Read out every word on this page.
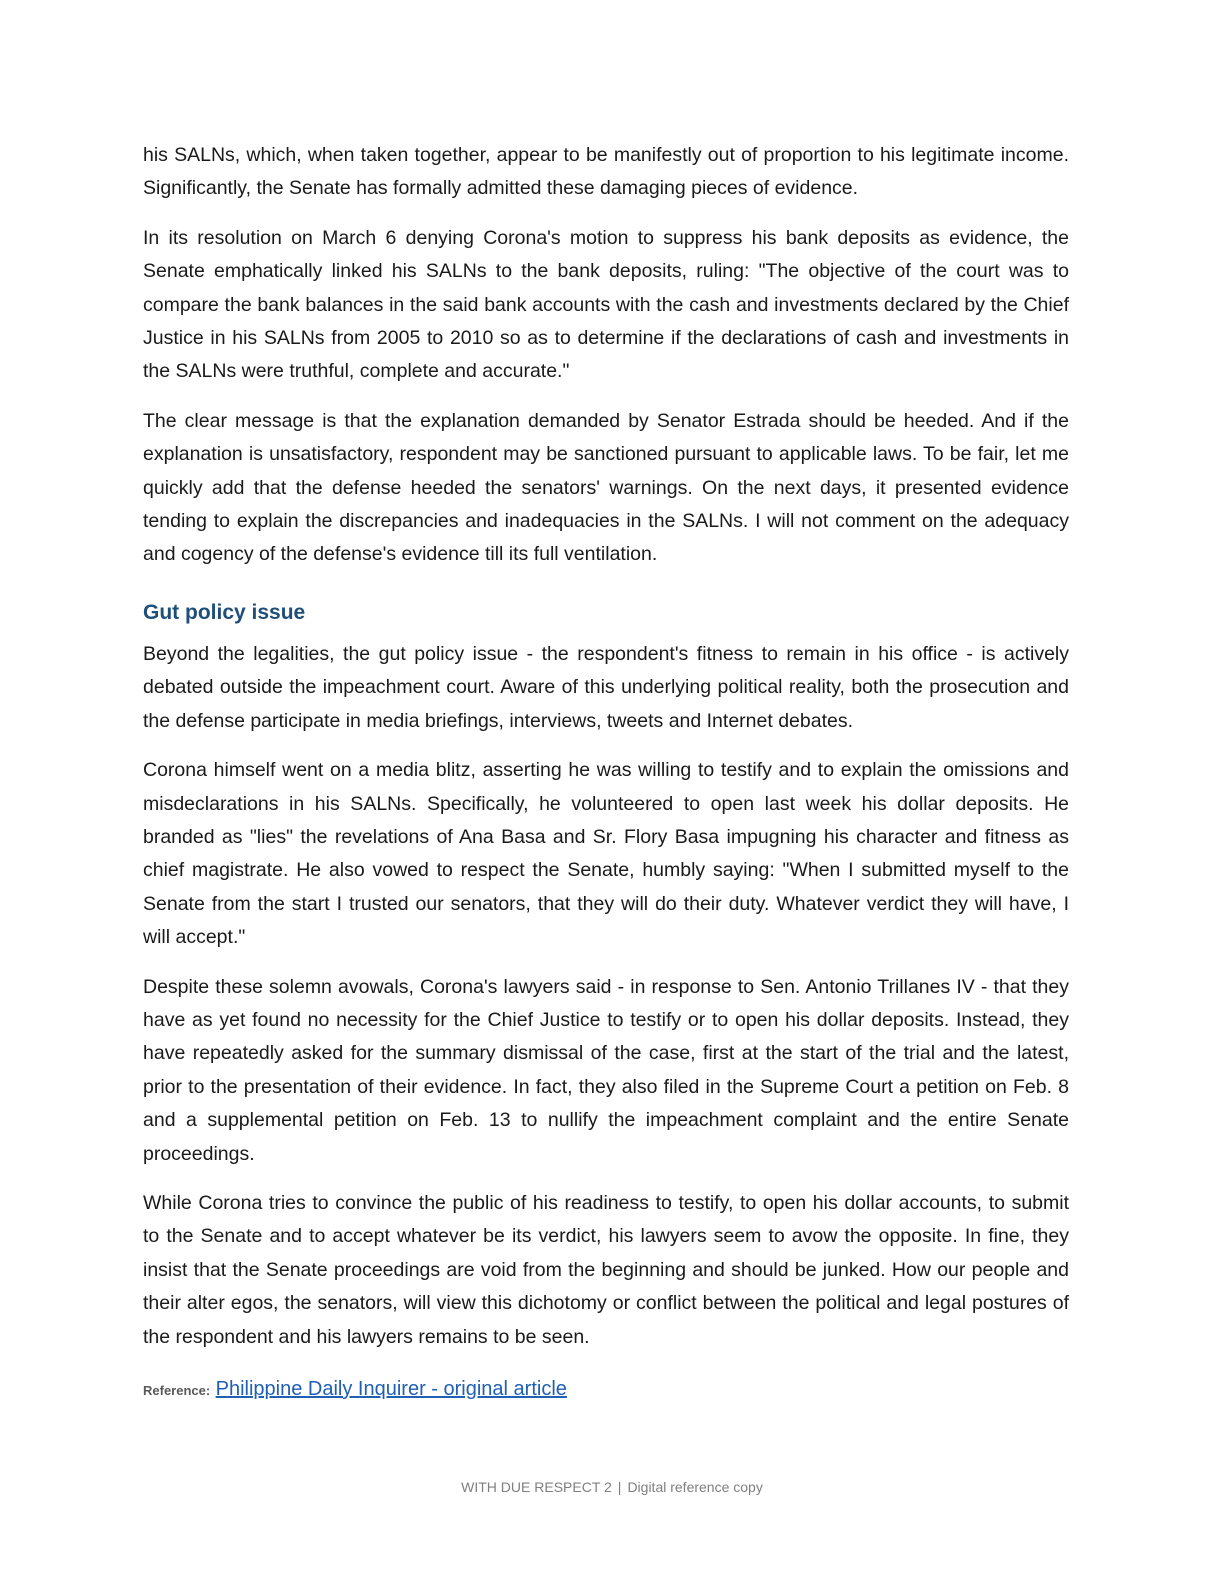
his SALNs, which, when taken together, appear to be manifestly out of proportion to his legitimate income. Significantly, the Senate has formally admitted these damaging pieces of evidence.

In its resolution on March 6 denying Corona's motion to suppress his bank deposits as evidence, the Senate emphatically linked his SALNs to the bank deposits, ruling: "The objective of the court was to compare the bank balances in the said bank accounts with the cash and investments declared by the Chief Justice in his SALNs from 2005 to 2010 so as to determine if the declarations of cash and investments in the SALNs were truthful, complete and accurate."

The clear message is that the explanation demanded by Senator Estrada should be heeded. And if the explanation is unsatisfactory, respondent may be sanctioned pursuant to applicable laws. To be fair, let me quickly add that the defense heeded the senators' warnings. On the next days, it presented evidence tending to explain the discrepancies and inadequacies in the SALNs. I will not comment on the adequacy and cogency of the defense's evidence till its full ventilation.

Gut policy issue

Beyond the legalities, the gut policy issue - the respondent's fitness to remain in his office - is actively debated outside the impeachment court. Aware of this underlying political reality, both the prosecution and the defense participate in media briefings, interviews, tweets and Internet debates.

Corona himself went on a media blitz, asserting he was willing to testify and to explain the omissions and misdeclarations in his SALNs. Specifically, he volunteered to open last week his dollar deposits. He branded as "lies" the revelations of Ana Basa and Sr. Flory Basa impugning his character and fitness as chief magistrate. He also vowed to respect the Senate, humbly saying: "When I submitted myself to the Senate from the start I trusted our senators, that they will do their duty. Whatever verdict they will have, I will accept."

Despite these solemn avowals, Corona's lawyers said - in response to Sen. Antonio Trillanes IV - that they have as yet found no necessity for the Chief Justice to testify or to open his dollar deposits. Instead, they have repeatedly asked for the summary dismissal of the case, first at the start of the trial and the latest, prior to the presentation of their evidence. In fact, they also filed in the Supreme Court a petition on Feb. 8 and a supplemental petition on Feb. 13 to nullify the impeachment complaint and the entire Senate proceedings.

While Corona tries to convince the public of his readiness to testify, to open his dollar accounts, to submit to the Senate and to accept whatever be its verdict, his lawyers seem to avow the opposite. In fine, they insist that the Senate proceedings are void from the beginning and should be junked. How our people and their alter egos, the senators, will view this dichotomy or conflict between the political and legal postures of the respondent and his lawyers remains to be seen.

Reference: Philippine Daily Inquirer - original article
WITH DUE RESPECT 2 | Digital reference copy
